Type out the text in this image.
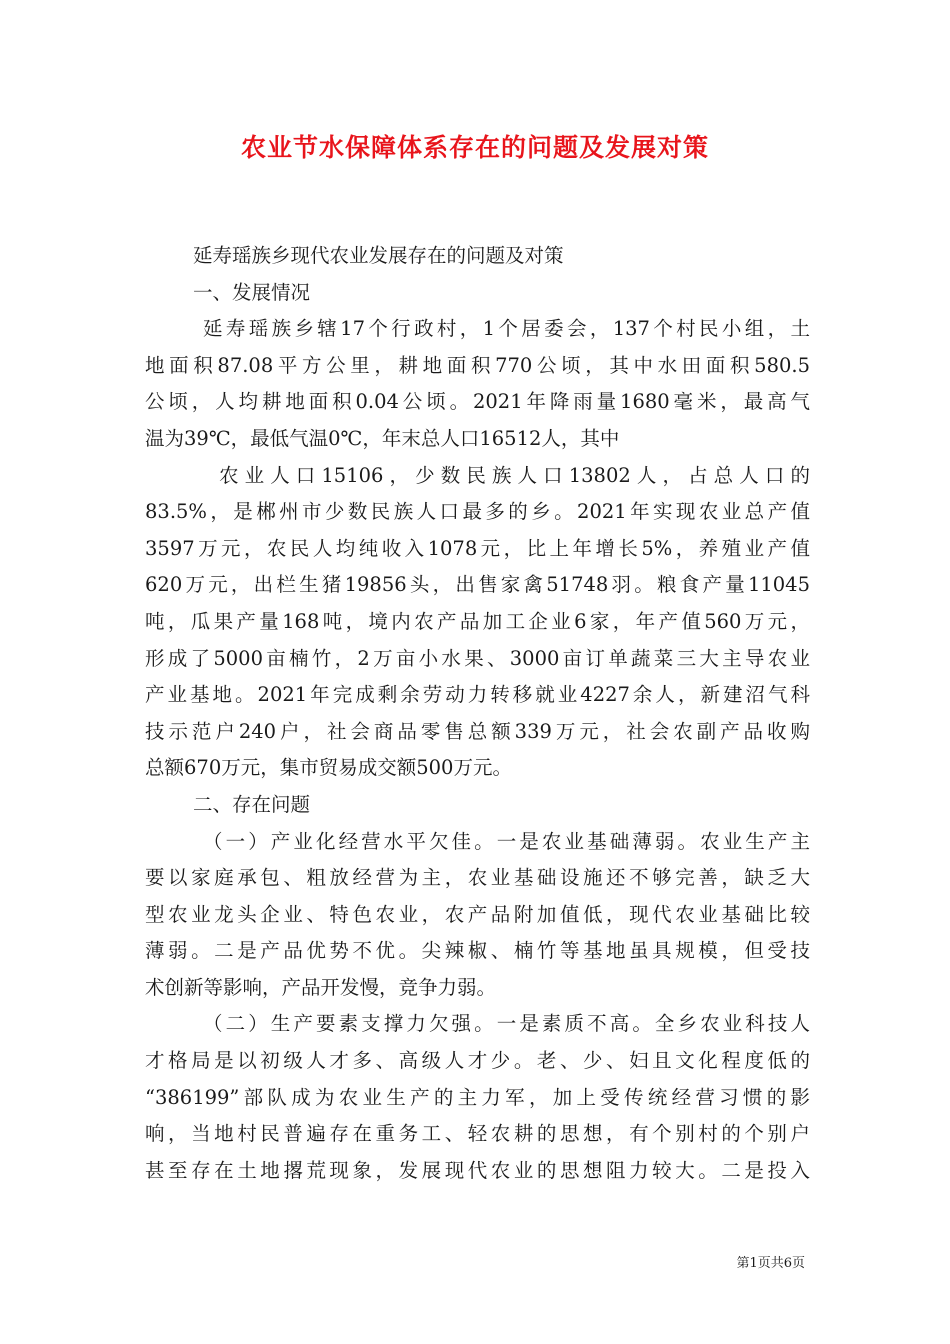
农业节水保障体系存在的问题及发展对策
延寿瑶族乡现代农业发展存在的问题及对策
一、发展情况
延寿瑶族乡辖17个行政村，1个居委会，137个村民小组，土
地面积87.08平方公里，耕地面积770公顷，其中水田面积580.5
公顷，人均耕地面积0.04公顷。2021年降雨量1680毫米，最高气
温为39℃，最低气温0℃，年末总人口16512人，其中
农业人口15106，少数民族人口13802人，占总人口的
83.5%，是郴州市少数民族人口最多的乡。2021年实现农业总产值
3597万元，农民人均纯收入1078元，比上年增长5%，养殖业产值
620万元，出栏生猪19856头，出售家禽51748羽。粮食产量11045
吨，瓜果产量168吨，境内农产品加工企业6家，年产值560万元，
形成了5000亩楠竹，2万亩小水果、3000亩订单蔬菜三大主导农业
产业基地。2021年完成剩余劳动力转移就业4227余人，新建沼气科
技示范户240户，社会商品零售总额339万元，社会农副产品收购
总额670万元，集市贸易成交额500万元。
二、存在问题
（一）产业化经营水平欠佳。一是农业基础薄弱。农业生产主
要以家庭承包、粗放经营为主，农业基础设施还不够完善，缺乏大
型农业龙头企业、特色农业，农产品附加值低，现代农业基础比较
薄弱。二是产品优势不优。尖辣椒、楠竹等基地虽具规模，但受技
术创新等影响，产品开发慢，竞争力弱。
（二）生产要素支撑力欠强。一是素质不高。全乡农业科技人
才格局是以初级人才多、高级人才少。老、少、妇且文化程度低的
“386199”部队成为农业生产的主力军，加上受传统经营习惯的影
响，当地村民普遍存在重务工、轻农耕的思想，有个别村的个别户
甚至存在土地撂荒现象，发展现代农业的思想阻力较大。二是投入
第1页共6页
